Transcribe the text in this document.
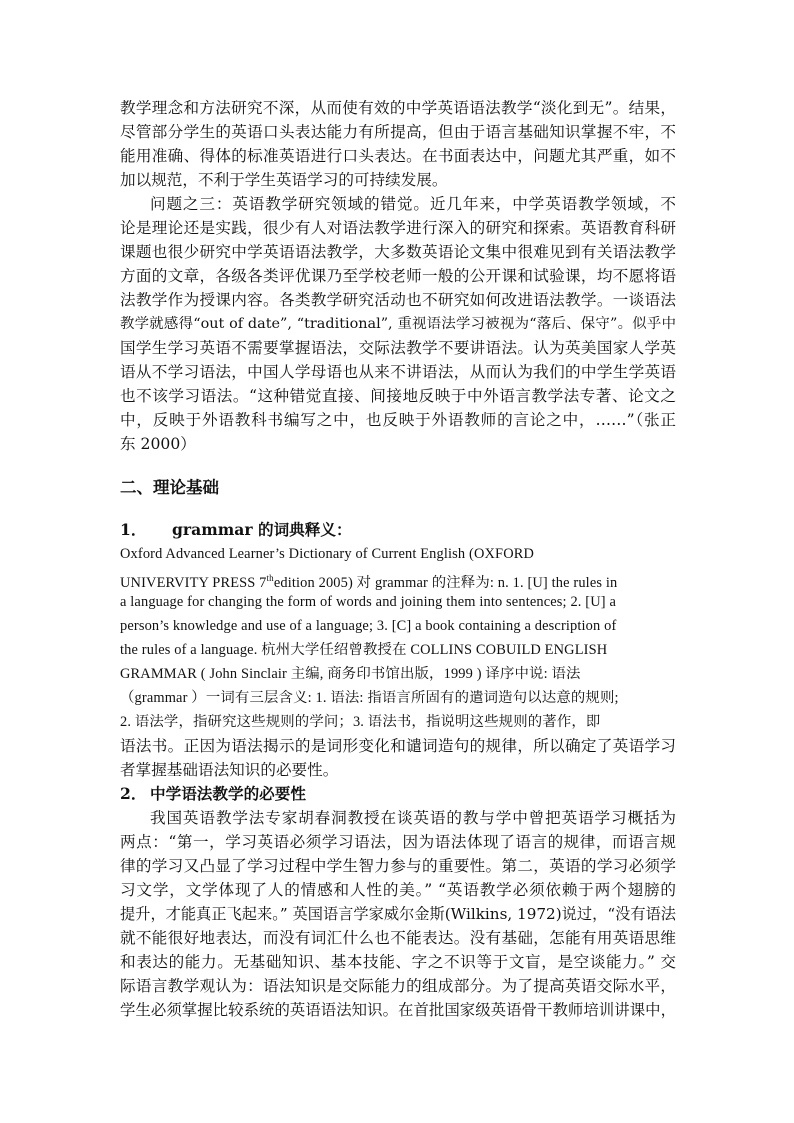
教学理念和方法研究不深，从而使有效的中学英语语法教学“淡化到无”。结果，
尽管部分学生的英语口头表达能力有所提高，但由于语言基础知识掌握不牢，不
能用准确、得体的标准英语进行口头表达。在书面表达中，问题尤其严重，如不
加以规范，不利于学生英语学习的可持续发展。
问题之三：英语教学研究领域的错觉。近几年来，中学英语教学领域，不
论是理论还是实践，很少有人对语法教学进行深入的研究和探索。英语教育科研
课题也很少研究中学英语语法教学，大多数英语论文集中很难见到有关语法教学
方面的文章，各级各类评优课乃至学校老师一般的公开课和试验课，均不愿将语
法教学作为授课内容。各类教学研究活动也不研究如何改进语法教学。一谈语法
教学就感得“out of date”, “traditional”, 重视语法学习被视为“落后、保守”。似乎中
国学生学习英语不需要掌握语法，交际法教学不要讲语法。认为英美国家人学英
语从不学习语法，中国人学母语也从来不讲语法，从而认为我们的中学生学英语
也不该学习语法。“这种错觉直接、间接地反映于中外语言教学法专著、论文之
中，反映于外语教科书编写之中，也反映于外语教师的言论之中，……”（张正
东 2000）
二、理论基础
1． grammar 的词典释义：
Oxford Advanced Learner’s Dictionary of Current English (OXFORD
UNIVERVITY PRESS 7thedition 2005) 对 grammar 的注释为: n. 1. [U] the rules in
a language for changing the form of words and joining them into sentences; 2. [U] a
person’s knowledge and use of a language; 3. [C] a book containing a description of
the rules of a language. 杭州大学任绍曾教授在 COLLINS COBUILD ENGLISH
GRAMMAR ( John Sinclair 主编, 商务印书馆出版，1999 ) 译序中说: 语法
（grammar ）一词有三层含义: 1. 语法: 指语言所固有的遣词造句以达意的规则;
2. 语法学，指研究这些规则的学问；3. 语法书，指说明这些规则的著作，即
语法书。正因为语法揭示的是词形变化和谴词造句的规律，所以确定了英语学习
者掌握基础语法知识的必要性。
2． 中学语法教学的必要性
我国英语教学法专家胡春洞教授在谈英语的教与学中曾把英语学习概括为
两点：“第一，学习英语必须学习语法，因为语法体现了语言的规律，而语言规
律的学习又凸显了学习过程中学生智力参与的重要性。第二，英语的学习必须学
习文学，文学体现了人的情感和人性的美。” “英语教学必须依赖于两个翅膀的
提升，才能真正飞起来。” 英国语言学家威尔金斯(Wilkins, 1972)说过，“没有语法
就不能很好地表达，而没有词汇什么也不能表达。没有基础，怎能有用英语思维
和表达的能力。无基础知识、基本技能、字之不识等于文盲，是空谈能力。” 交
际语言教学观认为：语法知识是交际能力的组成部分。为了提高英语交际水平，
学生必须掌握比较系统的英语语法知识。在首批国家级英语骨干教师培训讲课中，
